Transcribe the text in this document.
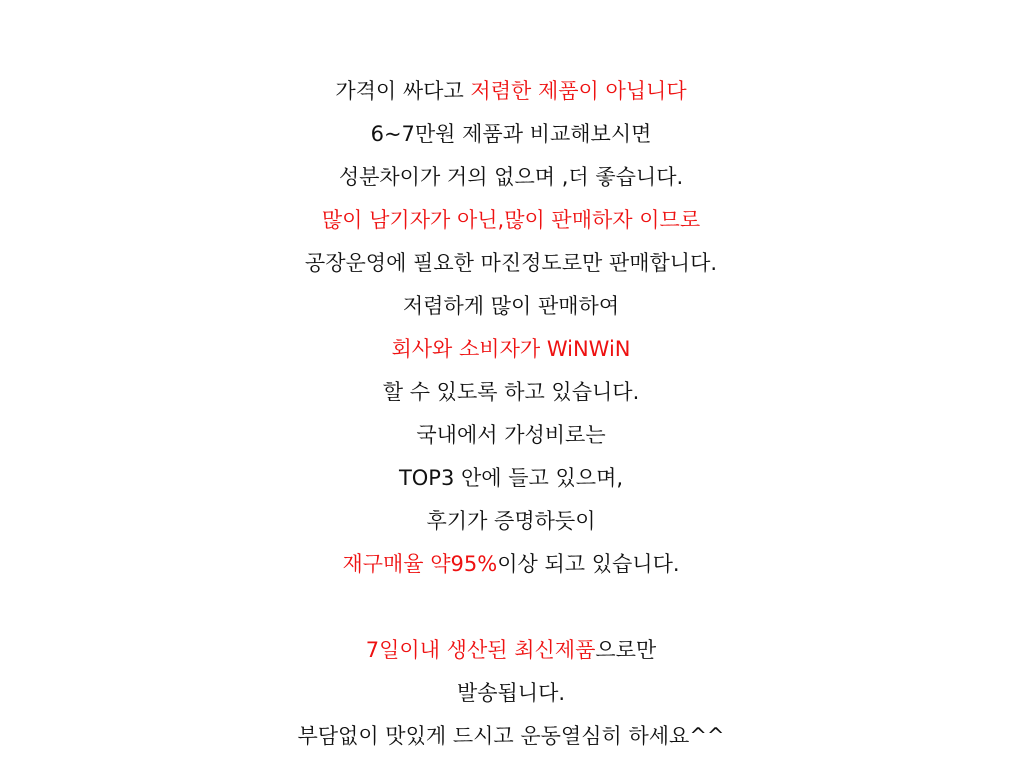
가격이 싸다고 저렴한 제품이 아닙니다
6~7만원 제품과 비교해보시면
성분차이가 거의 없으며 ,더 좋습니다.
많이 남기자가 아닌,많이 판매하자 이므로
공장운영에 필요한 마진정도로만 판매합니다.
저렴하게 많이 판매하여
회사와 소비자가 WiNWiN
할 수 있도록 하고 있습니다.
국내에서 가성비로는
TOP3 안에 들고 있으며,
후기가 증명하듯이
재구매율 약95%이상 되고 있습니다.
7일이내 생산된 최신제품으로만
발송됩니다.
부담없이 맛있게 드시고 운동열심히 하세요^^
